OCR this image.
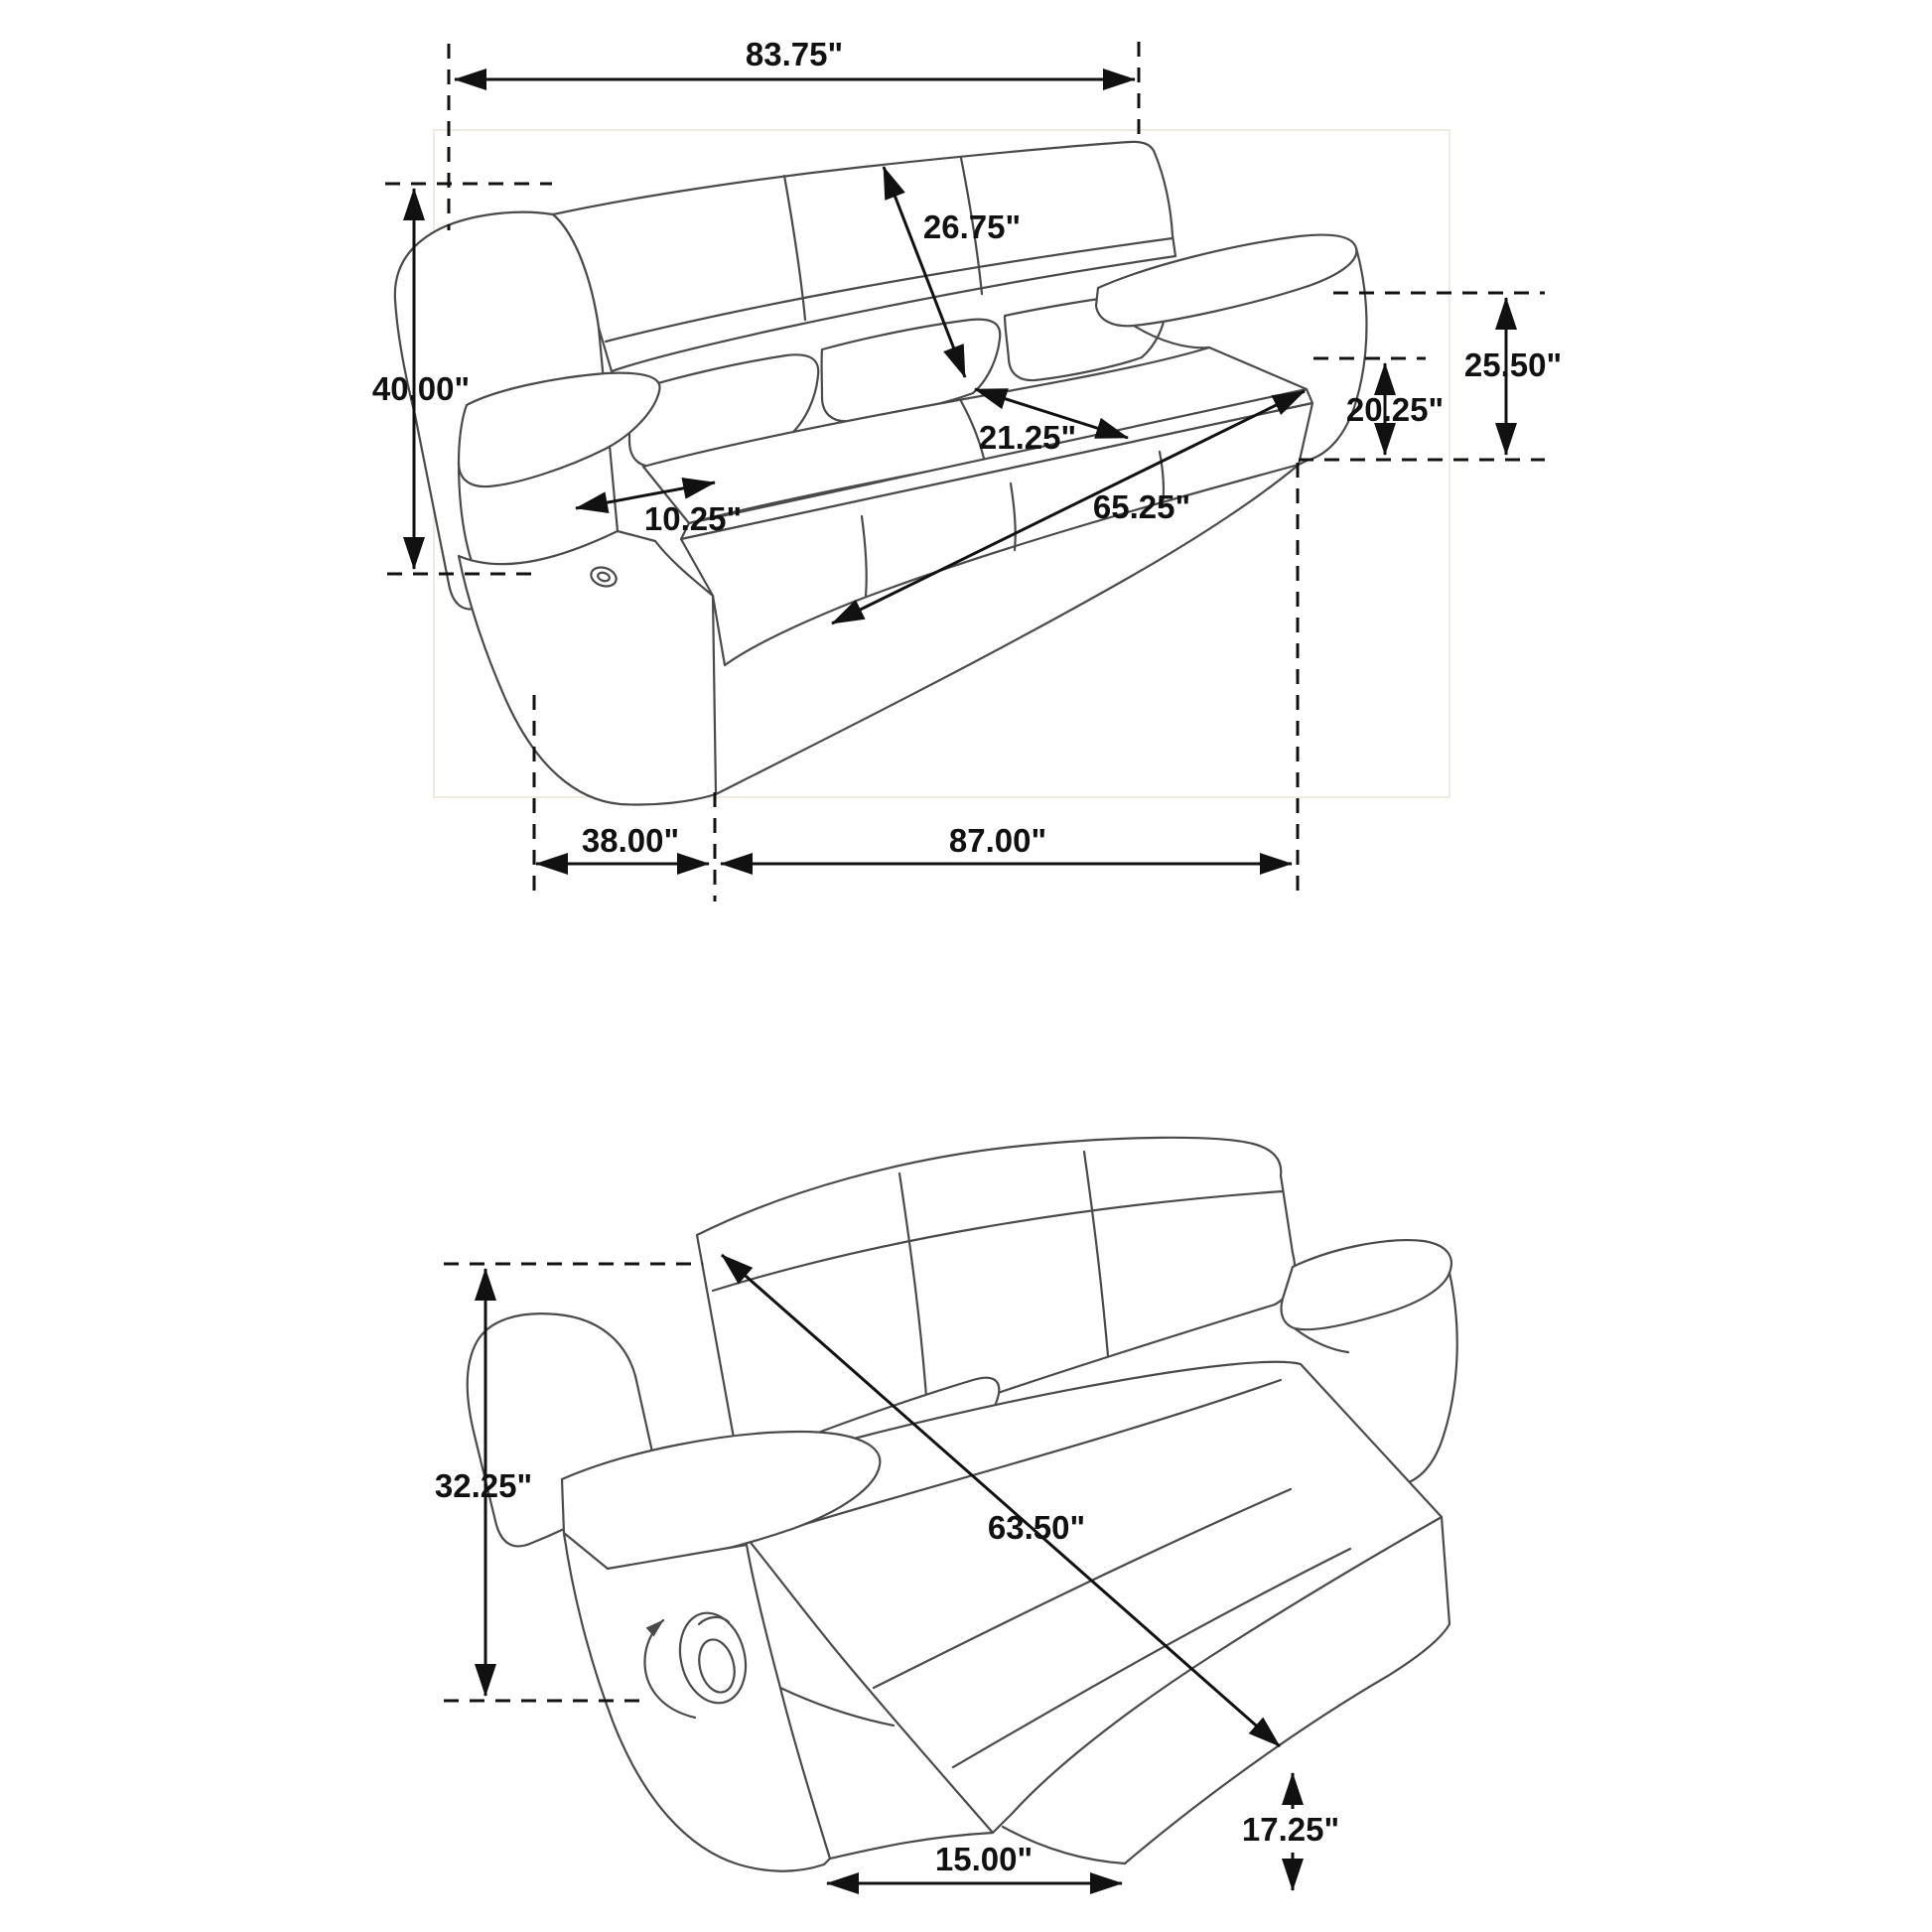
83.75"
26.75"
40.00"
10.25"
21.25"
65.25"
25.50"
20.25"
38.00"	87.00"
32.25"
63.50"
15.00"
17.25"
